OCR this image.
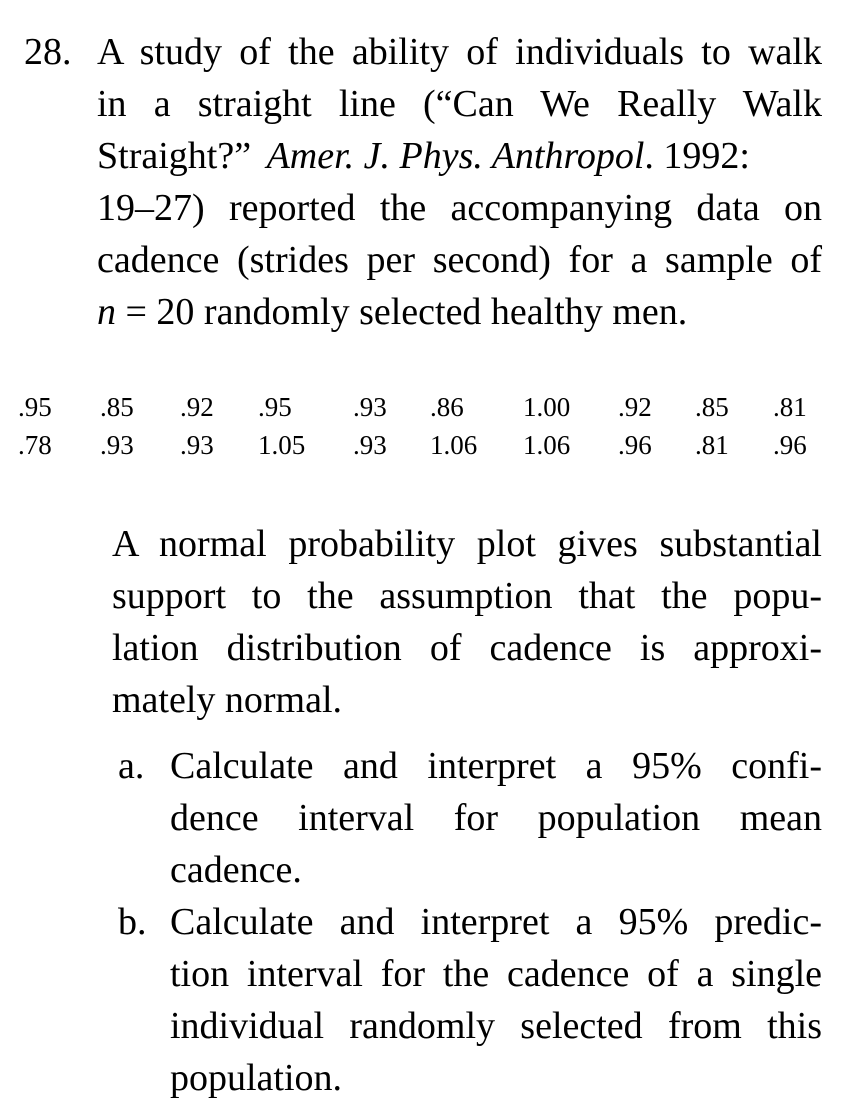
28. A study of the ability of individuals to walk
in a straight line (“Can We Really Walk
Straight?” Amer. J. Phys. Anthropol. 1992:
19–27) reported the accompanying data on
cadence (strides per second) for a sample of
n = 20 randomly selected healthy men.
.95 .85 .92 .95 .93 .86 1.00 .92 .85 .81
.78 .93 .93 1.05 .93 1.06 1.06 .96 .81 .96
A normal probability plot gives substantial
support to the assumption that the popu-
lation distribution of cadence is approxi-
mately normal.
a. Calculate and interpret a 95% confi-
dence interval for population mean
cadence.
b. Calculate and interpret a 95% predic-
tion interval for the cadence of a single
individual randomly selected from this
population.
